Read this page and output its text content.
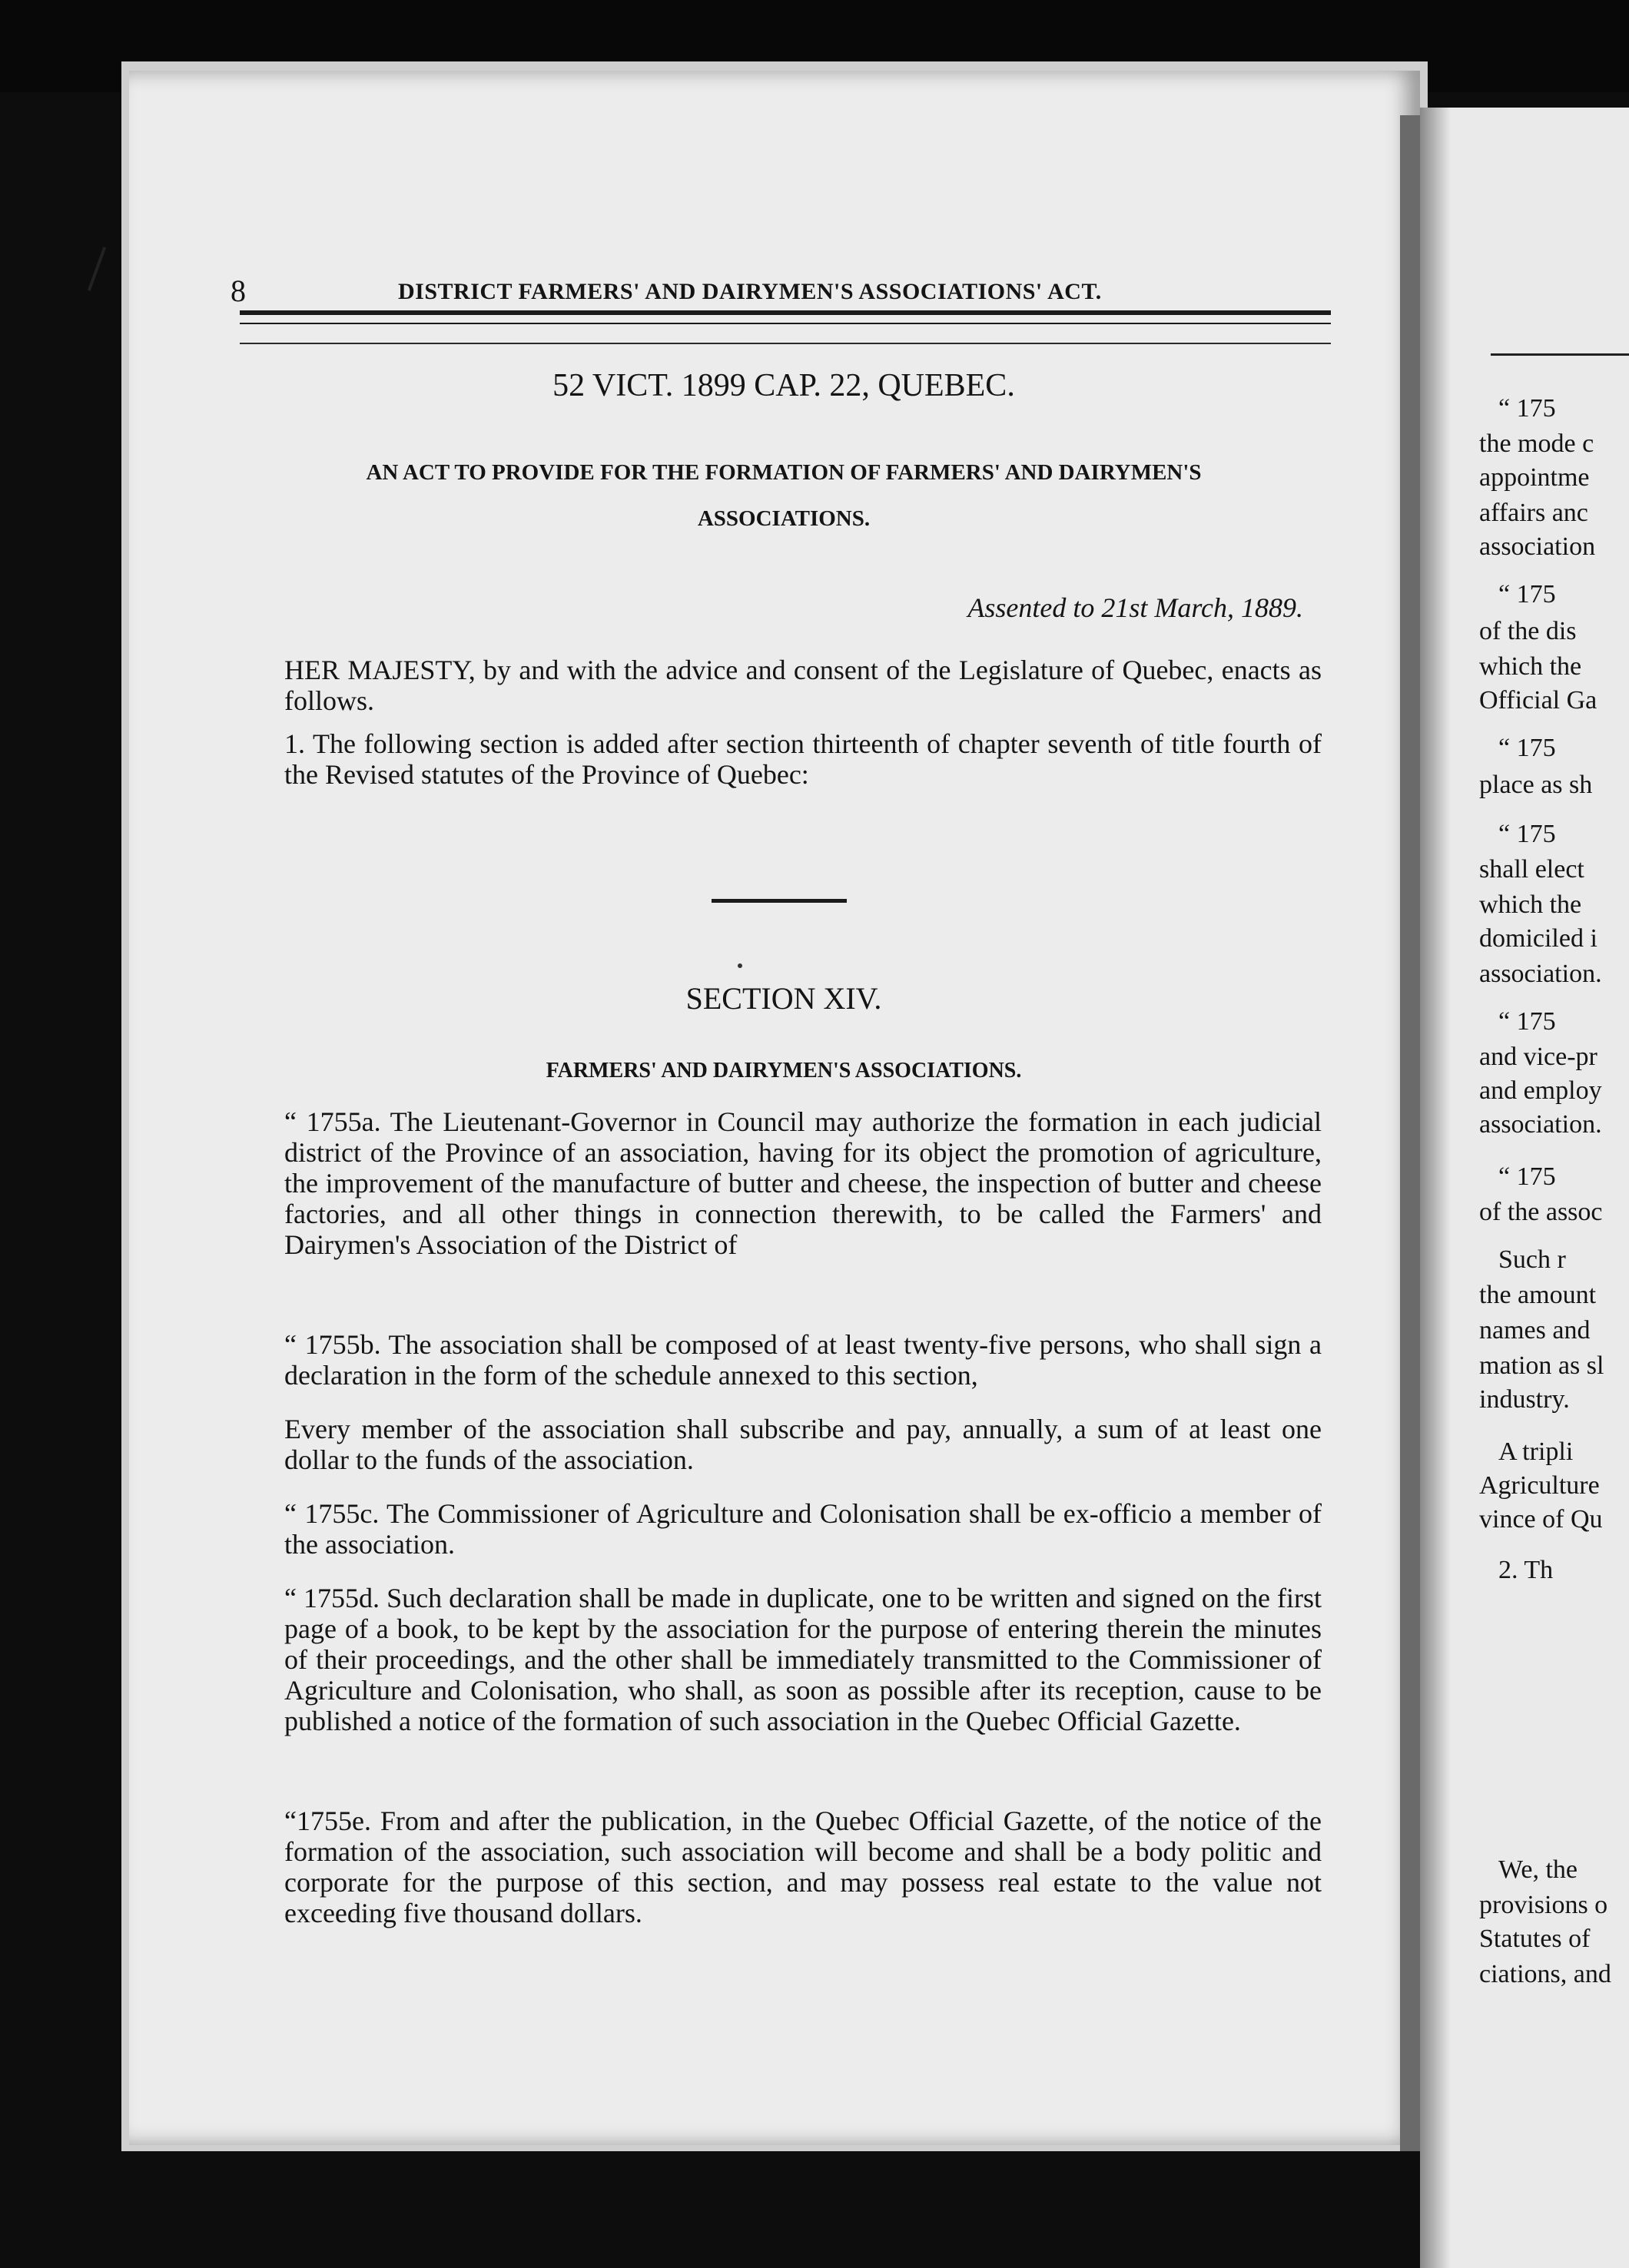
8	DISTRICT FARMERS' AND DAIRYMEN'S ASSOCIATIONS' ACT.
52 VICT. 1899 CAP. 22, QUEBEC.
AN ACT TO PROVIDE FOR THE FORMATION OF FARMERS' AND DAIRYMEN'S
ASSOCIATIONS.
Assented to 21st March, 1889.
HER MAJESTY, by and with the advice and consent of the Legislature of Quebec, enacts as follows.
1. The following section is added after section thirteenth of chapter seventh of title fourth of the Revised statutes of the Province of Quebec:
SECTION XIV.
FARMERS' AND DAIRYMEN'S ASSOCIATIONS.
“ 1755a. The Lieutenant-Governor in Council may authorize the formation in each judicial district of the Province of an association, having for its object the promotion of agriculture, the improvement of the manufacture of butter and cheese, the inspection of butter and cheese factories, and all other things in connection therewith, to be called the Farmers' and Dairymen's Association of the District of
“ 1755b. The association shall be composed of at least twenty-five persons, who shall sign a declaration in the form of the schedule annexed to this section,
Every member of the association shall subscribe and pay, annually, a sum of at least one dollar to the funds of the association.
“ 1755c. The Commissioner of Agriculture and Colonisation shall be ex-officio a member of the association.
“ 1755d. Such declaration shall be made in duplicate, one to be written and signed on the first page of a book, to be kept by the association for the purpose of entering therein the minutes of their proceedings, and the other shall be immediately transmitted to the Commissioner of Agriculture and Colonisation, who shall, as soon as possible after its reception, cause to be published a notice of the formation of such association in the Quebec Official Gazette.
“1755e. From and after the publication, in the Quebec Official Gazette, of the notice of the formation of the association, such association will become and shall be a body politic and corporate for the purpose of this section, and may possess real estate to the value not exceeding five thousand dollars.
“ 175
the mode c
appointme
affairs anc
association
“ 175
of the dis
which the
Official Ga
“ 175
place as sh
“ 175
shall elect
which the
domiciled i
association.
“ 175
and vice-pr
and employ
association.
“ 175
of the assoc
Such r
the amount
names and
mation as sl
industry.
A tripli
Agriculture
vince of Qu
2. Th
We, the
provisions o
Statutes of
ciations, and
